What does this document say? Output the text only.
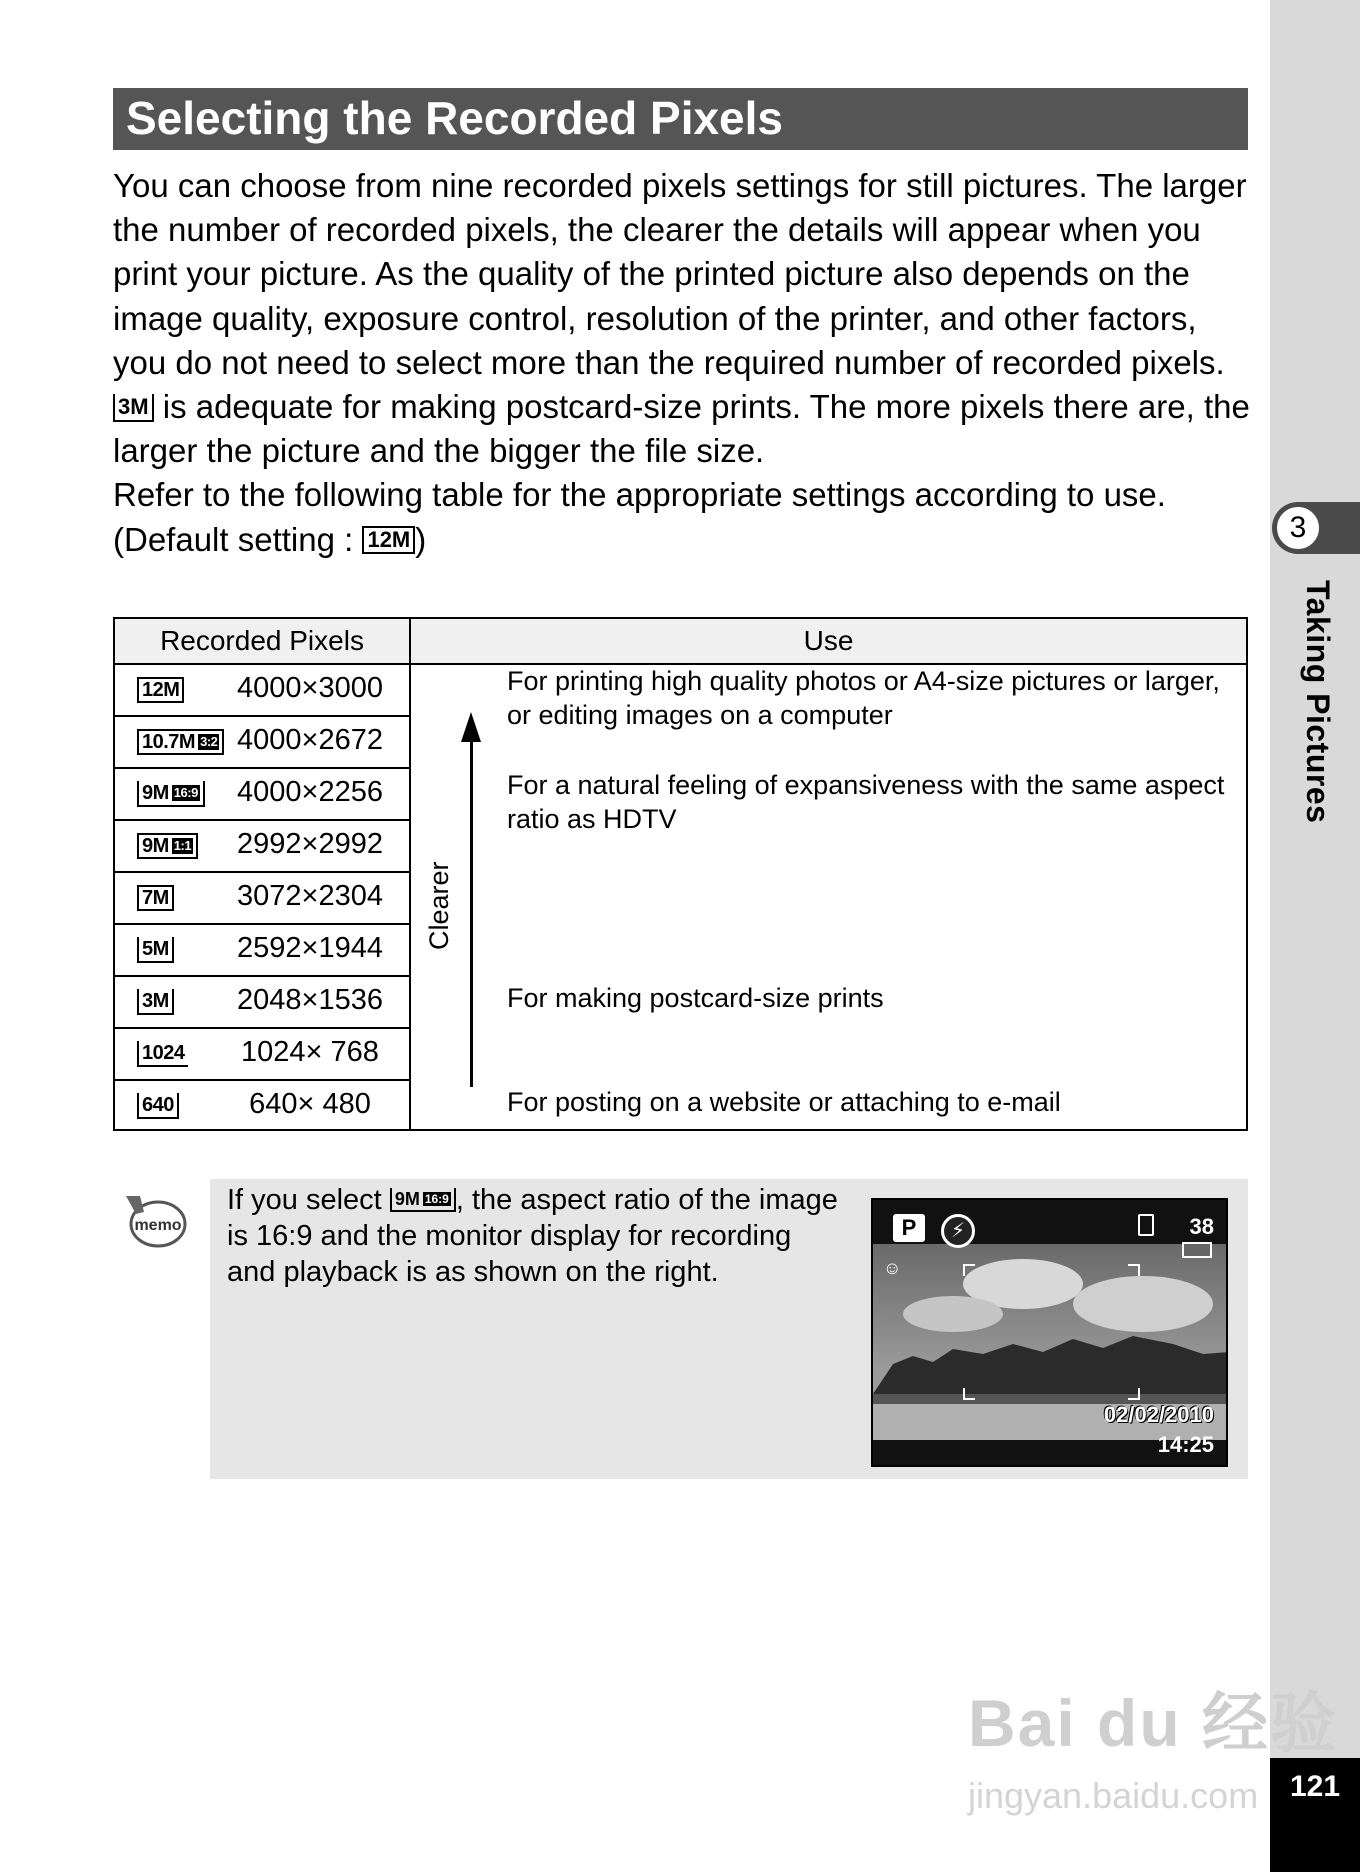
3
Taking Pictures
121
Selecting the Recorded Pixels

You can choose from nine recorded pixels settings for still pictures. The larger the number of recorded pixels, the clearer the details will appear when you print your picture. As the quality of the printed picture also depends on the image quality, exposure control, resolution of the printer, and other factors, you do not need to select more than the required number of recorded pixels. 3M is adequate for making postcard-size prints. The more pixels there are, the larger the picture and the bigger the file size.

Refer to the following table for the appropriate settings according to use.

(Default setting : 12M )

Recorded Pixels	Use
12M	4000×3000
10.7M 3:2 4000×2672
9M 16:9	4000×2256
9M 1:1	2992×2992
7M	3072×2304
5M	2592×1944
3M	2048×1536
1024	1024× 768
640	640× 480
For printing high quality photos or A4-size pictures or larger, or editing images on a computer
For a natural feeling of expansiveness with the same aspect ratio as HDTV
For making postcard-size prints
For posting on a website or attaching to e-mail
Clearer
memo
If you select 9M 16:9 , the aspect ratio of the image is 16:9 and the monitor display for recording and playback is as shown on the right.
P	⚡	38
☺
02/02/2010
14:25
Bai du 经验
jingyan.baidu.com
